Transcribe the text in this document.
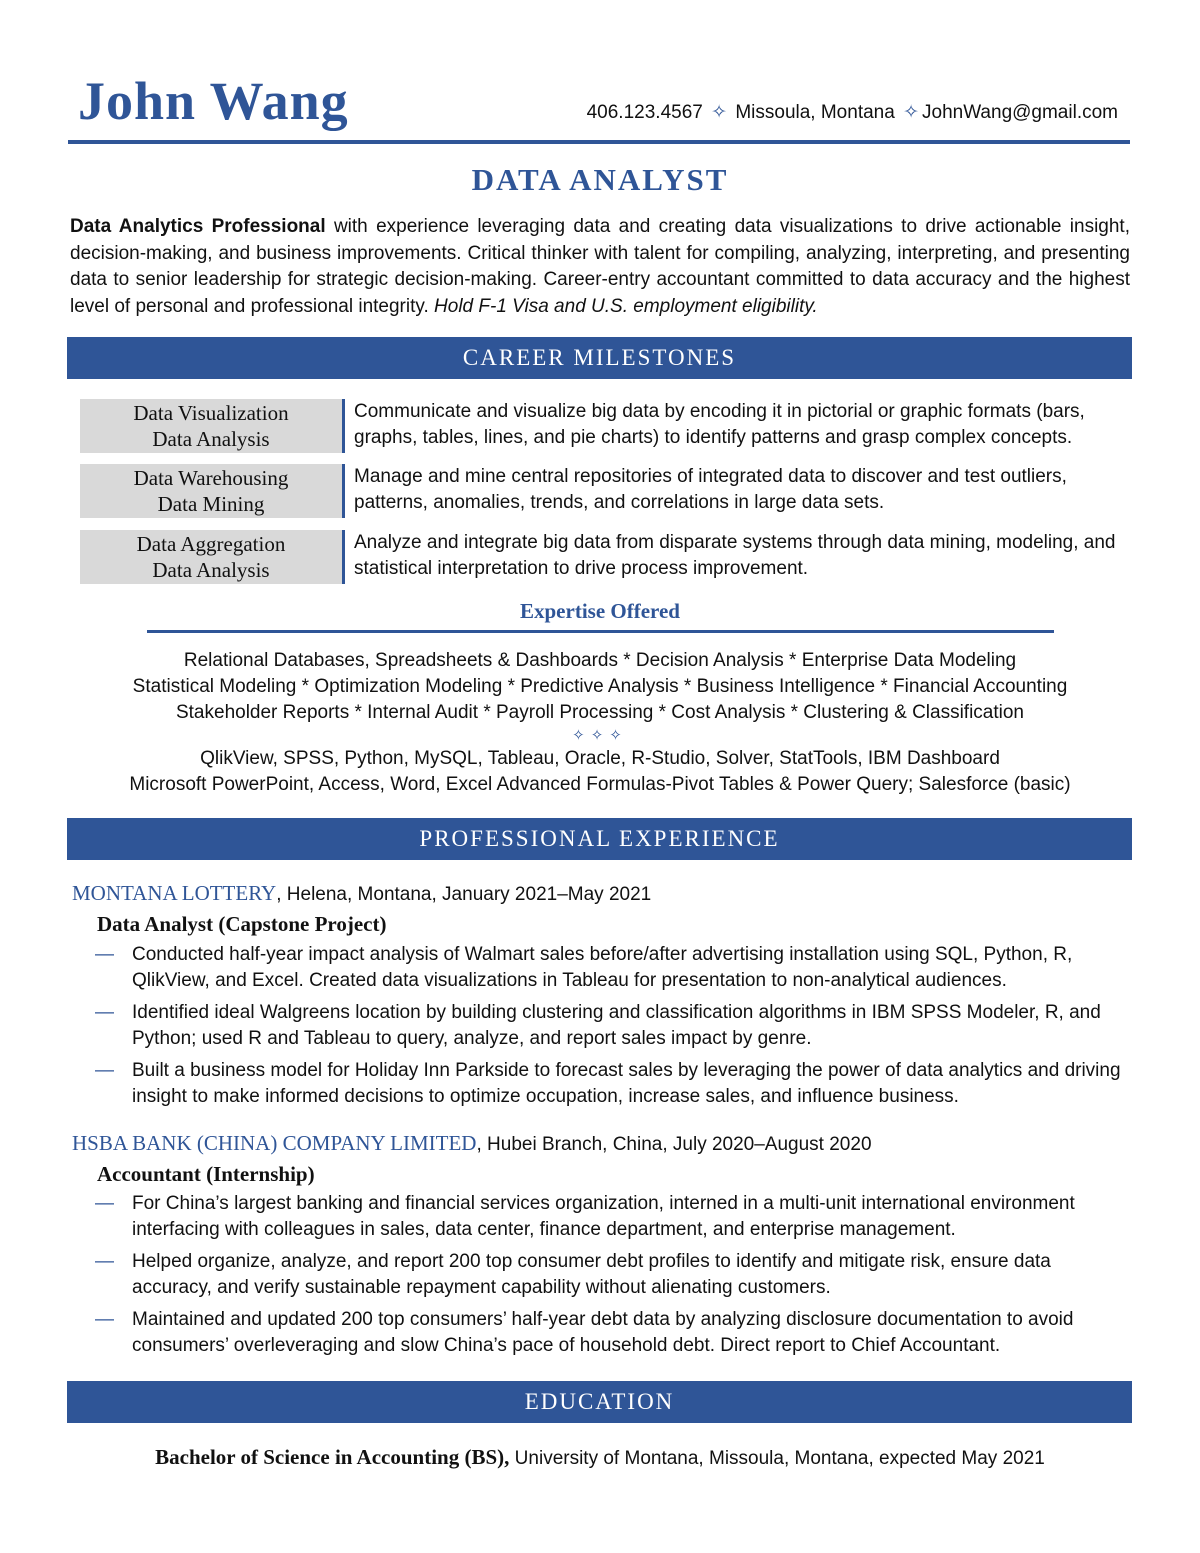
John Wang	406.123.4567 ✧ Missoula, Montana ✧ JohnWang@gmail.com
DATA ANALYST
Data Analytics Professional with experience leveraging data and creating data visualizations to drive actionable insight, decision-making, and business improvements. Critical thinker with talent for compiling, analyzing, interpreting, and presenting data to senior leadership for strategic decision-making. Career-entry accountant committed to data accuracy and the highest level of personal and professional integrity. Hold F-1 Visa and U.S. employment eligibility.
CAREER MILESTONES
Data Visualization
Data Analysis
Communicate and visualize big data by encoding it in pictorial or graphic formats (bars, graphs, tables, lines, and pie charts) to identify patterns and grasp complex concepts.
Data Warehousing
Data Mining
Manage and mine central repositories of integrated data to discover and test outliers, patterns, anomalies, trends, and correlations in large data sets.
Data Aggregation
Data Analysis
Analyze and integrate big data from disparate systems through data mining, modeling, and statistical interpretation to drive process improvement.
Expertise Offered
Relational Databases, Spreadsheets & Dashboards * Decision Analysis * Enterprise Data Modeling
Statistical Modeling * Optimization Modeling * Predictive Analysis * Business Intelligence * Financial Accounting
Stakeholder Reports * Internal Audit * Payroll Processing * Cost Analysis * Clustering & Classification
✧✧✧
QlikView, SPSS, Python, MySQL, Tableau, Oracle, R-Studio, Solver, StatTools, IBM Dashboard
Microsoft PowerPoint, Access, Word, Excel Advanced Formulas-Pivot Tables & Power Query; Salesforce (basic)
PROFESSIONAL EXPERIENCE
MONTANA LOTTERY, Helena, Montana, January 2021–May 2021
Data Analyst (Capstone Project)
— Conducted half-year impact analysis of Walmart sales before/after advertising installation using SQL, Python, R, QlikView, and Excel. Created data visualizations in Tableau for presentation to non-analytical audiences.
— Identified ideal Walgreens location by building clustering and classification algorithms in IBM SPSS Modeler, R, and Python; used R and Tableau to query, analyze, and report sales impact by genre.
— Built a business model for Holiday Inn Parkside to forecast sales by leveraging the power of data analytics and driving insight to make informed decisions to optimize occupation, increase sales, and influence business.
HSBA BANK (CHINA) COMPANY LIMITED, Hubei Branch, China, July 2020–August 2020
Accountant (Internship)
— For China’s largest banking and financial services organization, interned in a multi-unit international environment interfacing with colleagues in sales, data center, finance department, and enterprise management.
— Helped organize, analyze, and report 200 top consumer debt profiles to identify and mitigate risk, ensure data accuracy, and verify sustainable repayment capability without alienating customers.
— Maintained and updated 200 top consumers’ half-year debt data by analyzing disclosure documentation to avoid consumers’ overleveraging and slow China’s pace of household debt. Direct report to Chief Accountant.
EDUCATION
Bachelor of Science in Accounting (BS), University of Montana, Missoula, Montana, expected May 2021
